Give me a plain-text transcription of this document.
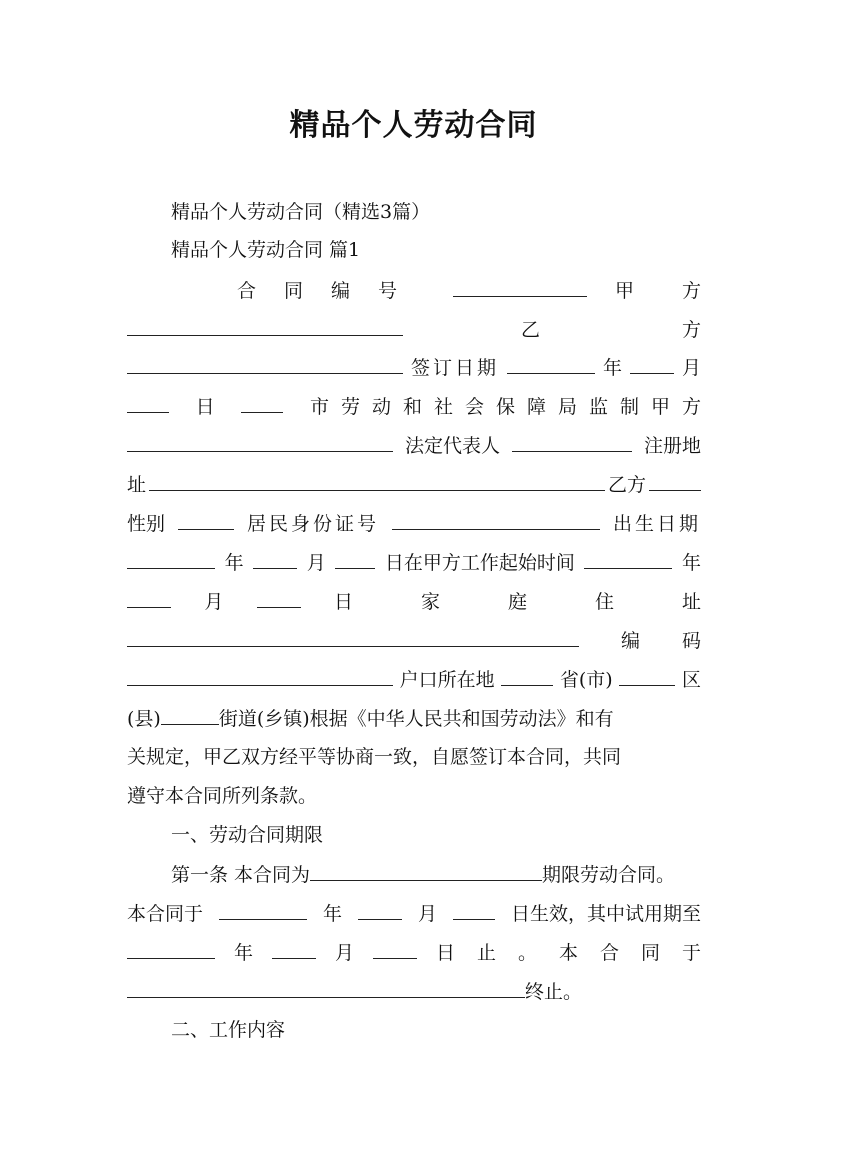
精品个人劳动合同
精品个人劳动合同（精选3篇）
精品个人劳动合同 篇1
合同编号	甲方
乙方
签订日期	年	月
日	市劳动和社会保障局监制甲方
法定代表人	注册地
址	乙方
性别	居民身份证号	出生日期
年	月	日在甲方工作起始时间	年
月	日家庭住址
编码
户口所在地	省(市)	区
(县)	街道(乡镇)根据《中华人民共和国劳动法》和有
关规定，甲乙双方经平等协商一致，自愿签订本合同，共同
遵守本合同所列条款。
一、劳动合同期限
第一条 本合同为	期限劳动合同。
本合同于	年	月	日生效，其中试用期至
年	月	日止。本合同于
终止。
二、工作内容
